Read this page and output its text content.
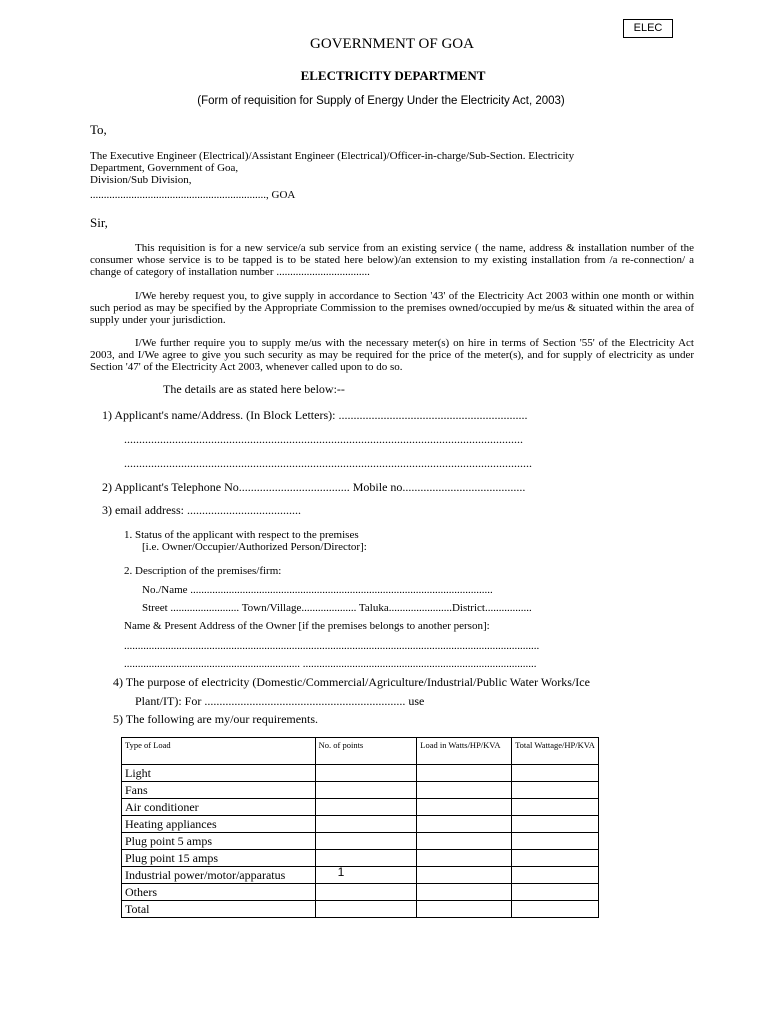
ELEC
GOVERNMENT OF GOA
ELECTRICITY DEPARTMENT
(Form of requisition for Supply of Energy Under the Electricity Act, 2003)
To,
The Executive Engineer (Electrical)/Assistant Engineer (Electrical)/Officer-in-charge/Sub-Section. Electricity
Department, Government of Goa,
Division/Sub Division,
................................................................, GOA
Sir,
This requisition is for a new service/a sub service from an existing service ( the name, address & installation number of the consumer whose service is to be tapped is to be stated here below)/an extension to my existing installation from /a re-connection/ a change of category of installation number ..................................
I/We hereby request you, to give supply in accordance to Section '43' of the Electricity Act 2003 within one month or within such period as may be specified by the Appropriate Commission to the premises owned/occupied by me/us & situated within the area of supply under your jurisdiction.
I/We further require you to supply me/us with the necessary meter(s) on hire in terms of Section '55' of the Electricity Act 2003, and I/We agree to give you such security as may be required for the price of the meter(s), and for supply of electricity as under Section '47' of the Electricity Act 2003, whenever called upon to do so.
The details are as stated here below:--
1) Applicant's name/Address. (In Block Letters): ...............................................................
.....................................................................................................................................
........................................................................................................................................
2) Applicant's Telephone No..................................... Mobile no.........................................
3) email address: ......................................
1. Status of the applicant with respect to the premises
[i.e. Owner/Occupier/Authorized Person/Director]:
2. Description of the premises/firm:
No./Name ..............................................................................................................
Street ......................... Town/Village.................... Taluka.......................District.................
Name & Present Address of the Owner [if the premises belongs to another person]:
.......................................................................................................................................................
................................................................ .....................................................................................
4) The purpose of electricity (Domestic/Commercial/Agriculture/Industrial/Public Water Works/Ice
Plant/IT): For ................................................................... use
5) The following are my/our requirements.
Type of Load	No. of points	Load in Watts/HP/KVA	Total Wattage/HP/KVA
Light			
Fans			
Air conditioner			
Heating appliances			
Plug point 5 amps			
Plug point 15 amps			
Industrial power/motor/apparatus	1		
Others			
Total			
